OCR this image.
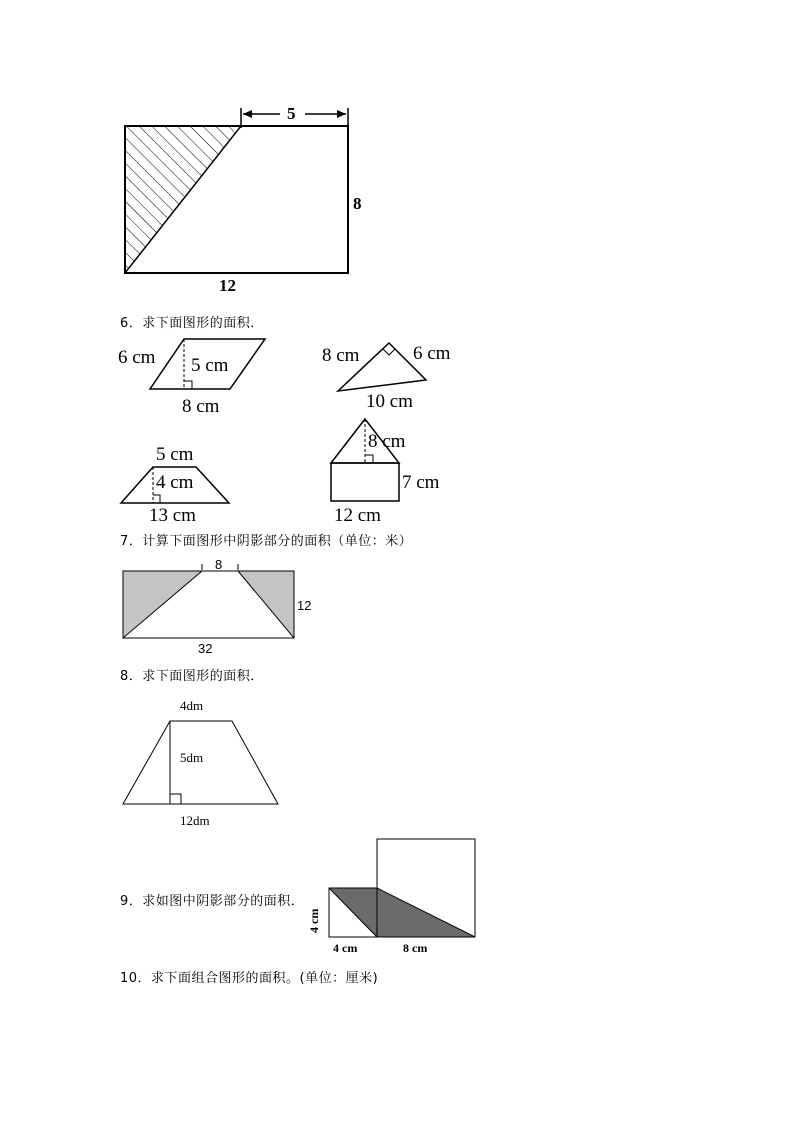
5
8
12
6．求下面图形的面积．
6 cm 5 cm
8 cm
8 cm	6 cm
10 cm
5 cm
4 cm
13 cm
8 cm
7 cm
12 cm
7．计算下面图形中阴影部分的面积（单位：米）
8
12
32
8．求下面图形的面积．
4dm
5dm
12dm
9．求如图中阴影部分的面积．
4 cm
4 cm	8 cm
10．求下面组合图形的面积。(单位：厘米)
